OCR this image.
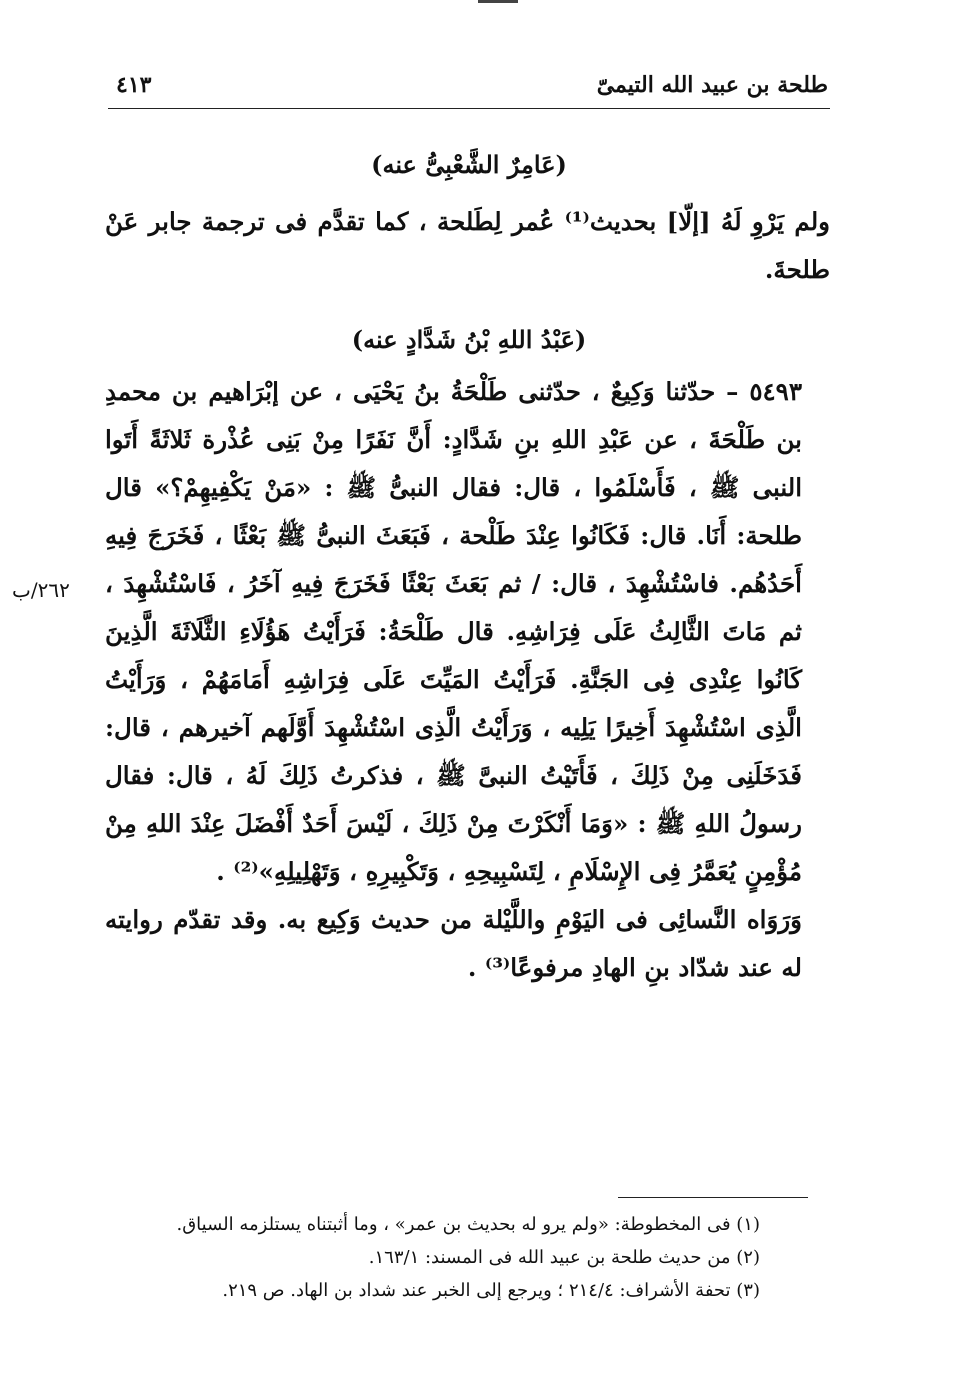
طلحة بن عبيد الله التيمىّ
٤١٣
(عَامِرٌ الشَّعْبِىُّ عنه)

ولم يَرْوِ لَهُ [إلّا] بحديث⁽¹⁾ عُمر لِطَلحة ، كما تقدَّم فى ترجمة جابر عَنْ طلحةَ.

(عَبْدُ اللهِ بْنُ شَدَّادٍ عنه)

٥٤٩٣ – حدّثنا وَكِيعٌ ، حدّثنى طَلْحَةُ بنُ يَحْيَى ، عن إبْرَاهيم بن محمدِ بن طَلْحَةَ ، عن عَبْدِ اللهِ بنِ شَدَّادٍ: أَنَّ نَفَرًا مِنْ بَنِى عُذْرة ثَلاثَةً أَتَوا النبى ﷺ ، فَأَسْلَمُوا ، قال: فقال النبىُّ ﷺ : «مَنْ يَكْفِيهِمْ؟» قال طلحة: أَنَا. قال: فَكَانُوا عِنْدَ طَلْحة ، فَبَعَثَ النبىُّ ﷺ بَعْثًا ، فَخَرَجَ فِيهِ أَحَدُهُم. فاسْتُشْهِدَ ، قال: / ثم بَعَثَ بَعْثًا فَخَرَجَ فِيهِ آخَرُ ، فَاسْتُشْهِدَ ، ثم مَاتَ الثَّالِثُ عَلَى فِرَاشِهِ. قال طَلْحَةُ: فَرَأَيْتُ هَؤُلَاءِ الثَّلَاثَةَ الَّذِينَ كَانُوا عِنْدِى فِى الجَنَّةِ. فَرَأَيْتُ المَيِّتَ عَلَى فِرَاشِهِ أَمَامَهُمْ ، وَرَأَيْتُ الَّذِى اسْتُشْهِدَ أَخِيرًا يَلِيه ، وَرَأَيْتُ الَّذِى اسْتُشْهِدَ أَوَّلَهم آخيرهم ، قال: فَدَخَلَنِى مِنْ ذَلِكَ ، فَأَتَيْتُ النبىَّ ﷺ ، فذكرتُ ذَلِكَ لَهُ ، قال: فقال رسولُ اللهِ ﷺ : «وَمَا أَنْكَرْتَ مِنْ ذَلِكَ ، لَيْسَ أَحَدٌ أَفْضَلَ عِنْدَ اللهِ مِنْ مُؤْمِنٍ يُعَمَّرُ فِى الإِسْلَامِ ، لِتَسْبِيحِهِ ، وَتَكْبِيرِهِ ، وَتَهْلِيلِهِ»⁽²⁾ .

وَرَوَاه النَّسائِى فى اليَوْمِ واللَّيْلة من حديث وَكِيع به. وقد تقدّم روايته له عند شدّاد بنِ الهادِ مرفوعًا⁽³⁾ .

٢٦٢/ب
(١) فى المخطوطة: «ولم يرو له بحديث بن عمر» ، وما أثبتناه يستلزمه السياق.
(٢) من حديث طلحة بن عبيد الله فى المسند: ١٦٣/١.
(٣) تحفة الأشراف: ٢١٤/٤ ؛ ويرجع إلى الخبر عند شداد بن الهاد. ص ٢١٩.
